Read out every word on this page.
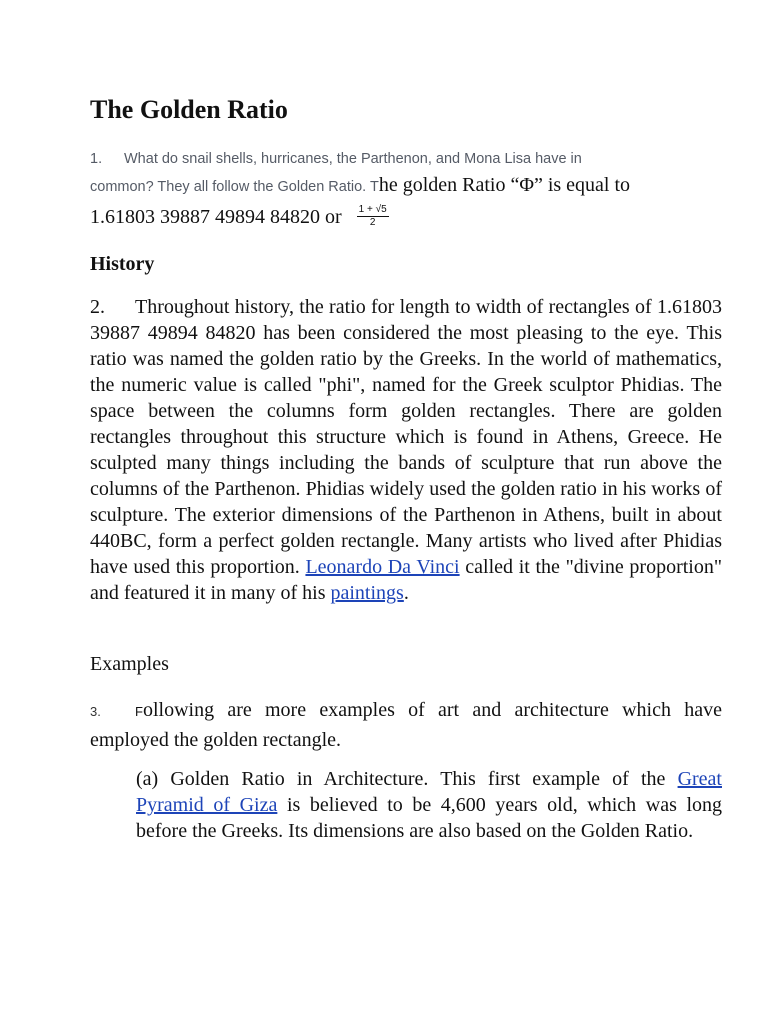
The Golden Ratio
1. What do snail shells, hurricanes, the Parthenon, and Mona Lisa have in
common? They all follow the Golden Ratio. The golden Ratio “Φ” is equal to
1.61803 39887 49894 84820 or $\frac{1 + √5}{2}$
History

2. Throughout history, the ratio for length to width of rectangles of 1.61803 39887 49894 84820 has been considered the most pleasing to the eye. This ratio was named the golden ratio by the Greeks. In the world of mathematics, the numeric value is called "phi", named for the Greek sculptor Phidias. The space between the columns form golden rectangles. There are golden rectangles throughout this structure which is found in Athens, Greece. He sculpted many things including the bands of sculpture that run above the columns of the Parthenon. Phidias widely used the golden ratio in his works of sculpture. The exterior dimensions of the Parthenon in Athens, built in about 440BC, form a perfect golden rectangle. Many artists who lived after Phidias have used this proportion. Leonardo Da Vinci called it the "divine proportion" and featured it in many of his paintings.

Examples

3.	Following are more examples of art and architecture which have employed the golden rectangle.

(a) Golden Ratio in Architecture. This first example of the Great Pyramid of Giza is believed to be 4,600 years old, which was long before the Greeks. Its dimensions are also based on the Golden Ratio.
